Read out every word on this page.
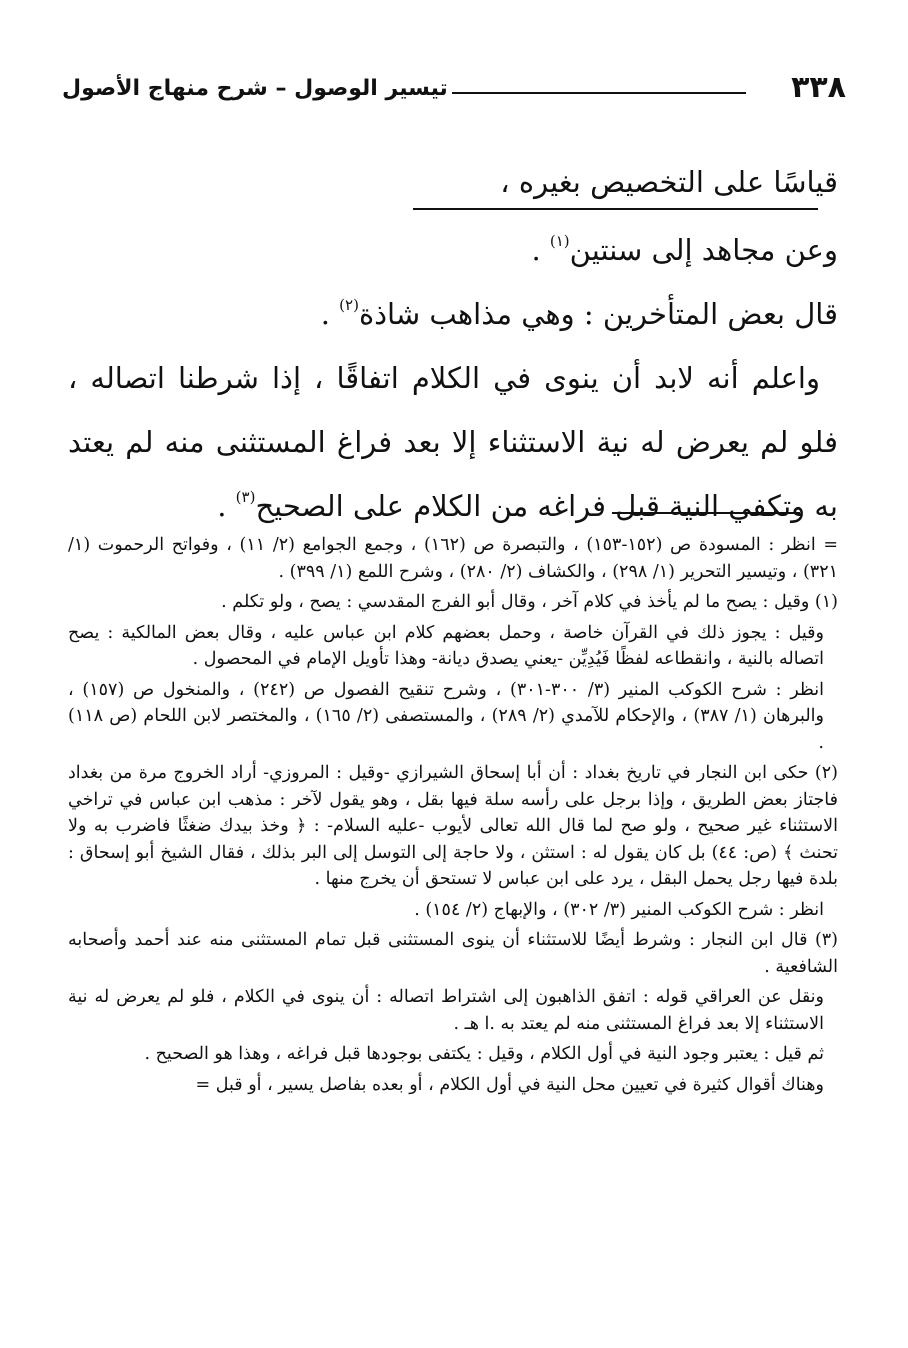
٣٣٨
تيسير الوصول – شرح منهاج الأصول

قياسًا على التخصيص بغيره ،

وعن مجاهد إلى سنتين$^{(١)}$ .

قال بعض المتأخرين : وهي مذاهب شاذة$^{(٢)}$ .

واعلم أنه لابد أن ينوى في الكلام اتفاقًا ، إذا شرطنا اتصاله ، فلو لم يعرض له نية الاستثناء إلا بعد فراغ المستثنى منه لم يعتد به وتكفي النية قبل فراغه من الكلام على الصحيح$^{(٣)}$ .

= انظر : المسودة ص (١٥٢-١٥٣) ، والتبصرة ص (١٦٢) ، وجمع الجوامع (٢/ ١١) ، وفواتح الرحموت (١/ ٣٢١) ، وتيسير التحرير (١/ ٢٩٨) ، والكشاف (٢/ ٢٨٠) ، وشرح اللمع (١/ ٣٩٩) .

(١) وقيل : يصح ما لم يأخذ في كلام آخر ، وقال أبو الفرج المقدسي : يصح ، ولو تكلم .

وقيل : يجوز ذلك في القرآن خاصة ، وحمل بعضهم كلام ابن عباس عليه ، وقال بعض المالكية : يصح اتصاله بالنية ، وانقطاعه لفظًا فَيُدِيِّن -يعني يصدق ديانة- وهذا تأويل الإمام في المحصول .

انظر : شرح الكوكب المنير (٣/ ٣٠٠-٣٠١) ، وشرح تنقيح الفصول ص (٢٤٢) ، والمنخول ص (١٥٧) ، والبرهان (١/ ٣٨٧) ، والإحكام للآمدي (٢/ ٢٨٩) ، والمستصفى (٢/ ١٦٥) ، والمختصر لابن اللحام (ص ١١٨) .

(٢) حكى ابن النجار في تاريخ بغداد : أن أبا إسحاق الشيرازي -وقيل : المروزي- أراد الخروج مرة من بغداد فاجتاز بعض الطريق ، وإذا برجل على رأسه سلة فيها بقل ، وهو يقول لآخر : مذهب ابن عباس في تراخي الاستثناء غير صحيح ، ولو صح لما قال الله تعالى لأيوب -عليه السلام- : ﴿ وخذ بيدك ضغثًا فاضرب به ولا تحنث ﴾ (ص: ٤٤) بل كان يقول له : استثن ، ولا حاجة إلى التوسل إلى البر بذلك ، فقال الشيخ أبو إسحاق : بلدة فيها رجل يحمل البقل ، يرد على ابن عباس لا تستحق أن يخرج منها .

انظر : شرح الكوكب المنير (٣/ ٣٠٢) ، والإبهاج (٢/ ١٥٤) .

(٣) قال ابن النجار : وشرط أيضًا للاستثناء أن ينوى المستثنى قبل تمام المستثنى منه عند أحمد وأصحابه الشافعية .

ونقل عن العراقي قوله : اتفق الذاهبون إلى اشتراط اتصاله : أن ينوى في الكلام ، فلو لم يعرض له نية الاستثناء إلا بعد فراغ المستثنى منه لم يعتد به .ا هـ .

ثم قيل : يعتبر وجود النية في أول الكلام ، وقيل : يكتفى بوجودها قبل فراغه ، وهذا هو الصحيح .

وهناك أقوال كثيرة في تعيين محل النية في أول الكلام ، أو بعده بفاصل يسير ، أو قبل =
